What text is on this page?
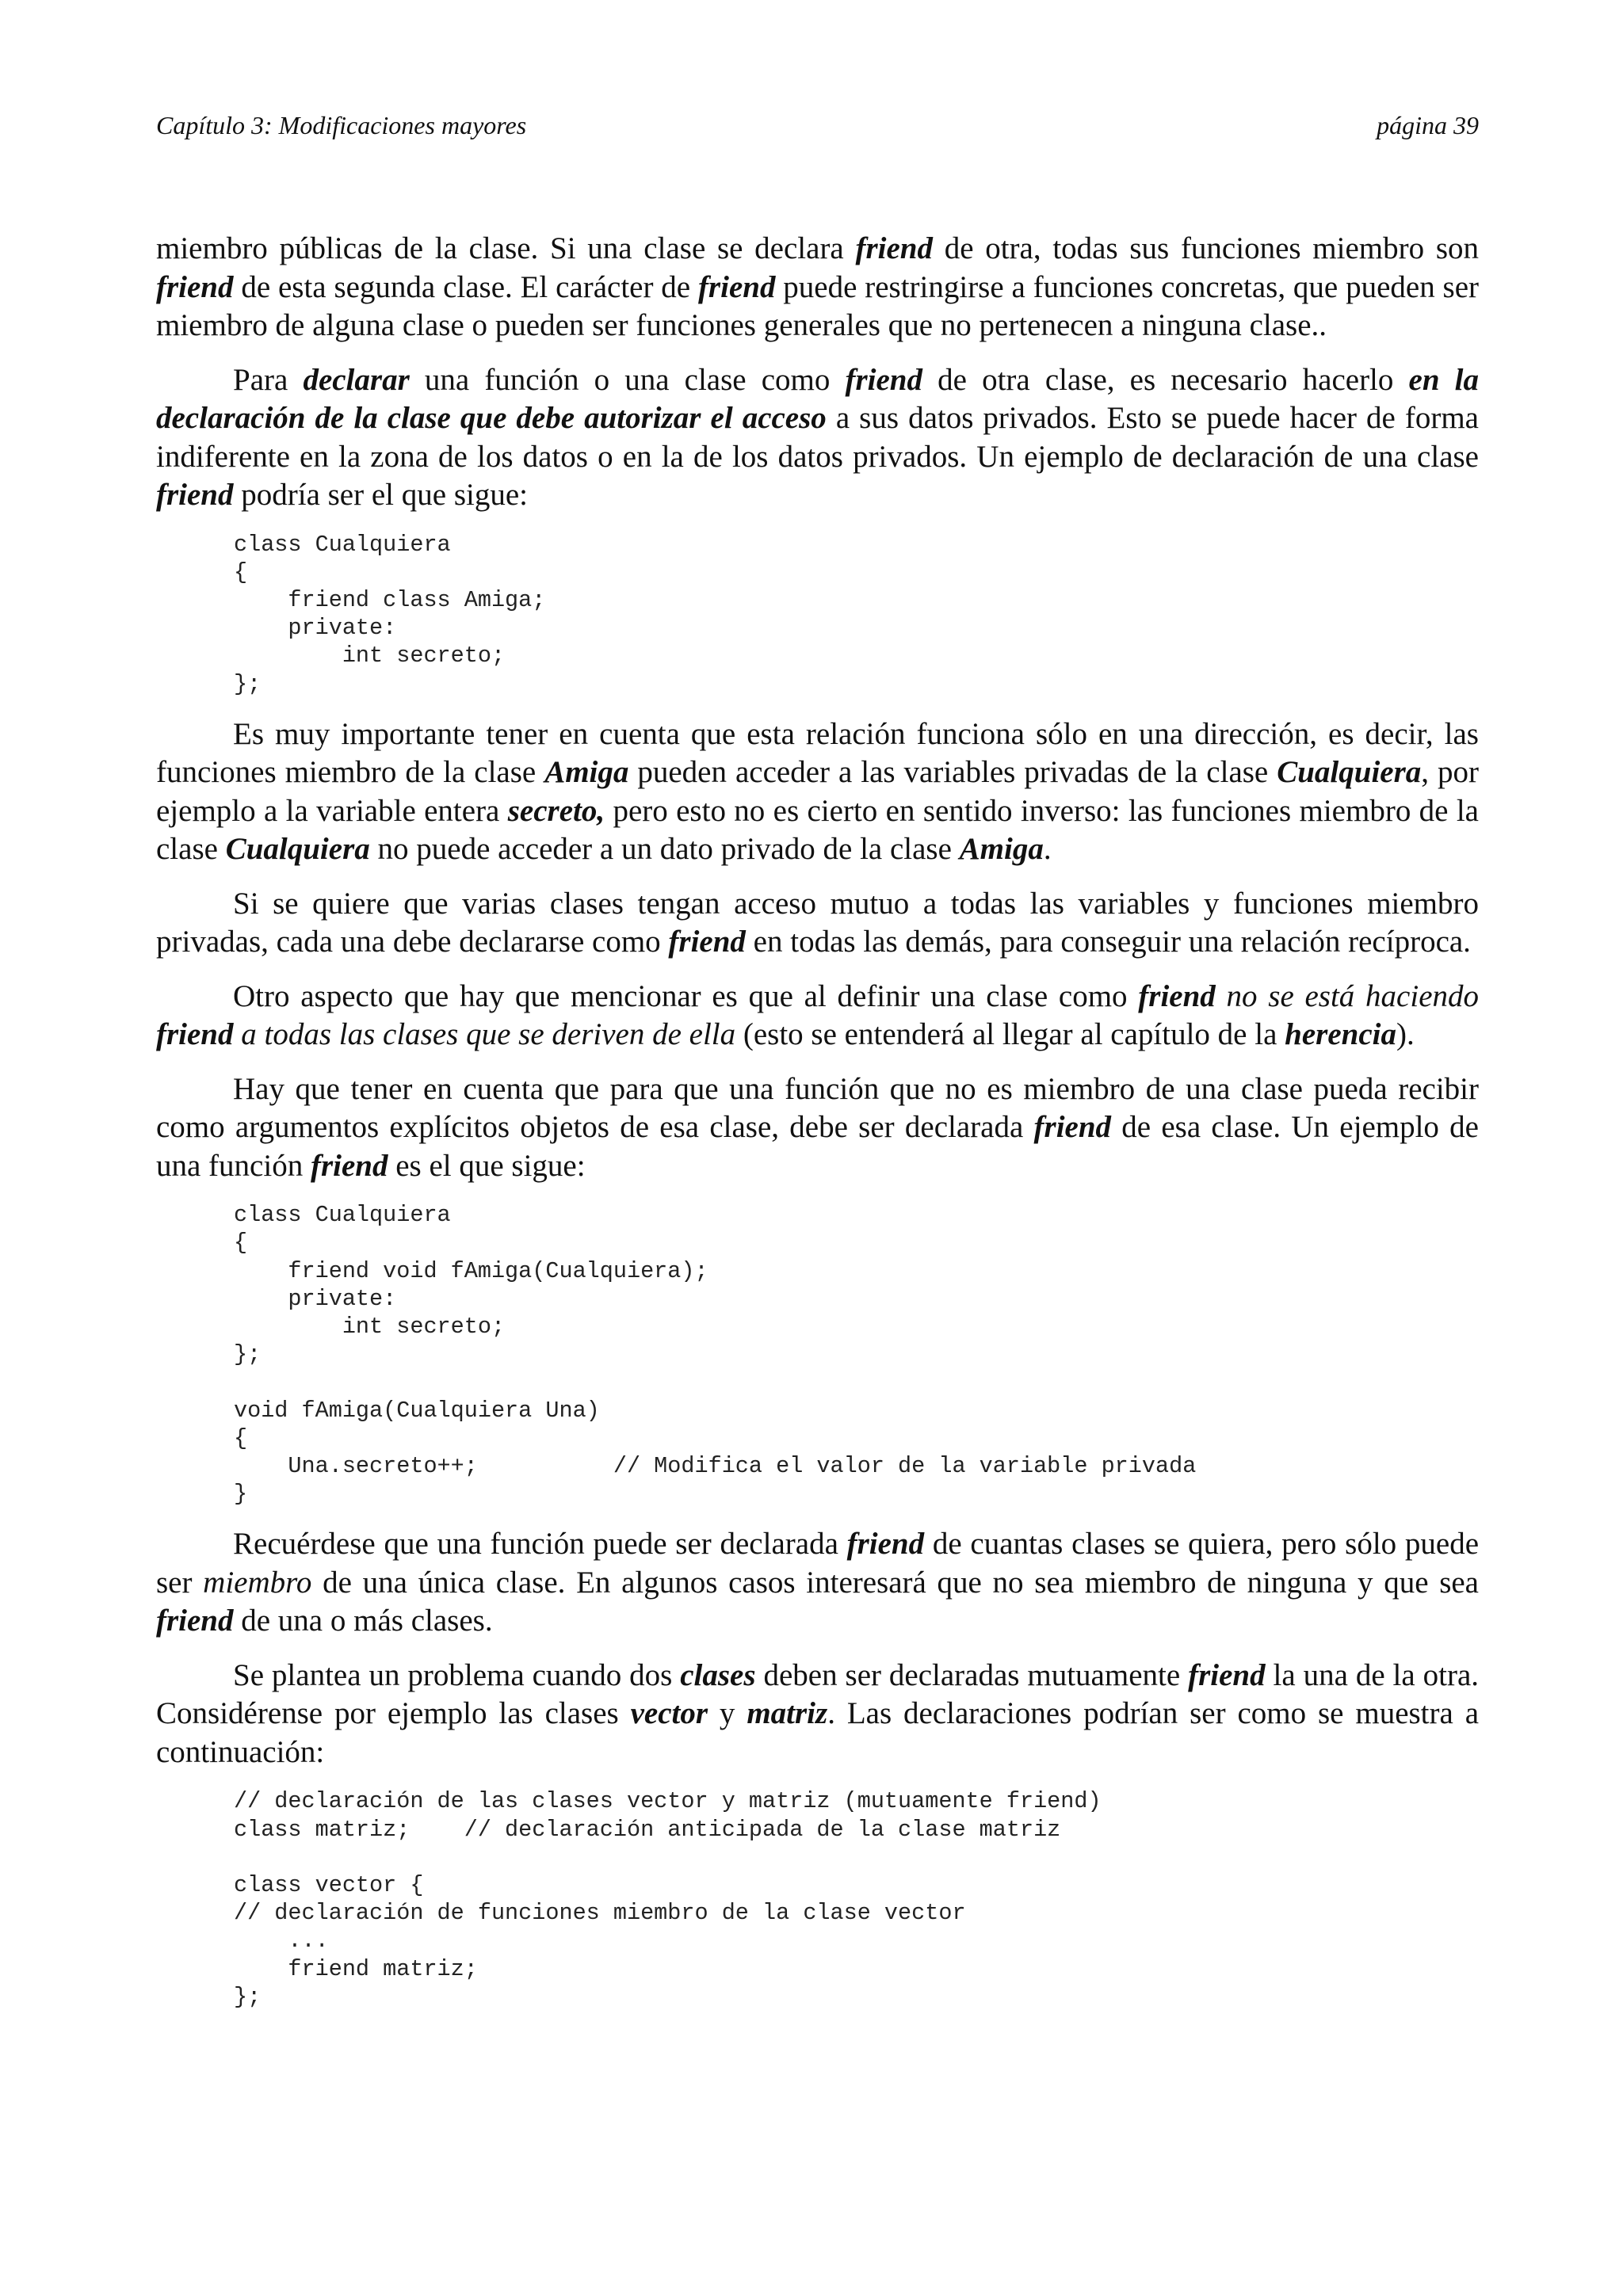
Capítulo 3: Modificaciones mayores	página 39

miembro públicas de la clase. Si una clase se declara friend de otra, todas sus funciones miembro son friend de esta segunda clase. El carácter de friend puede restringirse a funciones concretas, que pueden ser miembro de alguna clase o pueden ser funciones generales que no pertenecen a ninguna clase..

Para declarar una función o una clase como friend de otra clase, es necesario hacerlo en la declaración de la clase que debe autorizar el acceso a sus datos privados. Esto se puede hacer de forma indiferente en la zona de los datos o en la de los datos privados. Un ejemplo de declaración de una clase friend podría ser el que sigue:

class Cualquiera
{
friend class Amiga;
private:
int secreto;
};

Es muy importante tener en cuenta que esta relación funciona sólo en una dirección, es decir, las funciones miembro de la clase Amiga pueden acceder a las variables privadas de la clase Cualquiera, por ejemplo a la variable entera secreto, pero esto no es cierto en sentido inverso: las funciones miembro de la clase Cualquiera no puede acceder a un dato privado de la clase Amiga.

Si se quiere que varias clases tengan acceso mutuo a todas las variables y funciones miembro privadas, cada una debe declararse como friend en todas las demás, para conseguir una relación recíproca.

Otro aspecto que hay que mencionar es que al definir una clase como friend no se está haciendo friend a todas las clases que se deriven de ella (esto se entenderá al llegar al capítulo de la herencia).

Hay que tener en cuenta que para que una función que no es miembro de una clase pueda recibir como argumentos explícitos objetos de esa clase, debe ser declarada friend de esa clase. Un ejemplo de una función friend es el que sigue:

class Cualquiera
{
friend void fAmiga(Cualquiera);
private:
int secreto;
};

void fAmiga(Cualquiera Una)
{
Una.secreto++;          // Modifica el valor de la variable privada
}

Recuérdese que una función puede ser declarada friend de cuantas clases se quiera, pero sólo puede ser miembro de una única clase. En algunos casos interesará que no sea miembro de ninguna y que sea friend de una o más clases.

Se plantea un problema cuando dos clases deben ser declaradas mutuamente friend la una de la otra. Considérense por ejemplo las clases vector y matriz. Las declaraciones podrían ser como se muestra a continuación:

// declaración de las clases vector y matriz (mutuamente friend)
class matriz;    // declaración anticipada de la clase matriz

class vector {
// declaración de funciones miembro de la clase vector
...
friend matriz;
};
